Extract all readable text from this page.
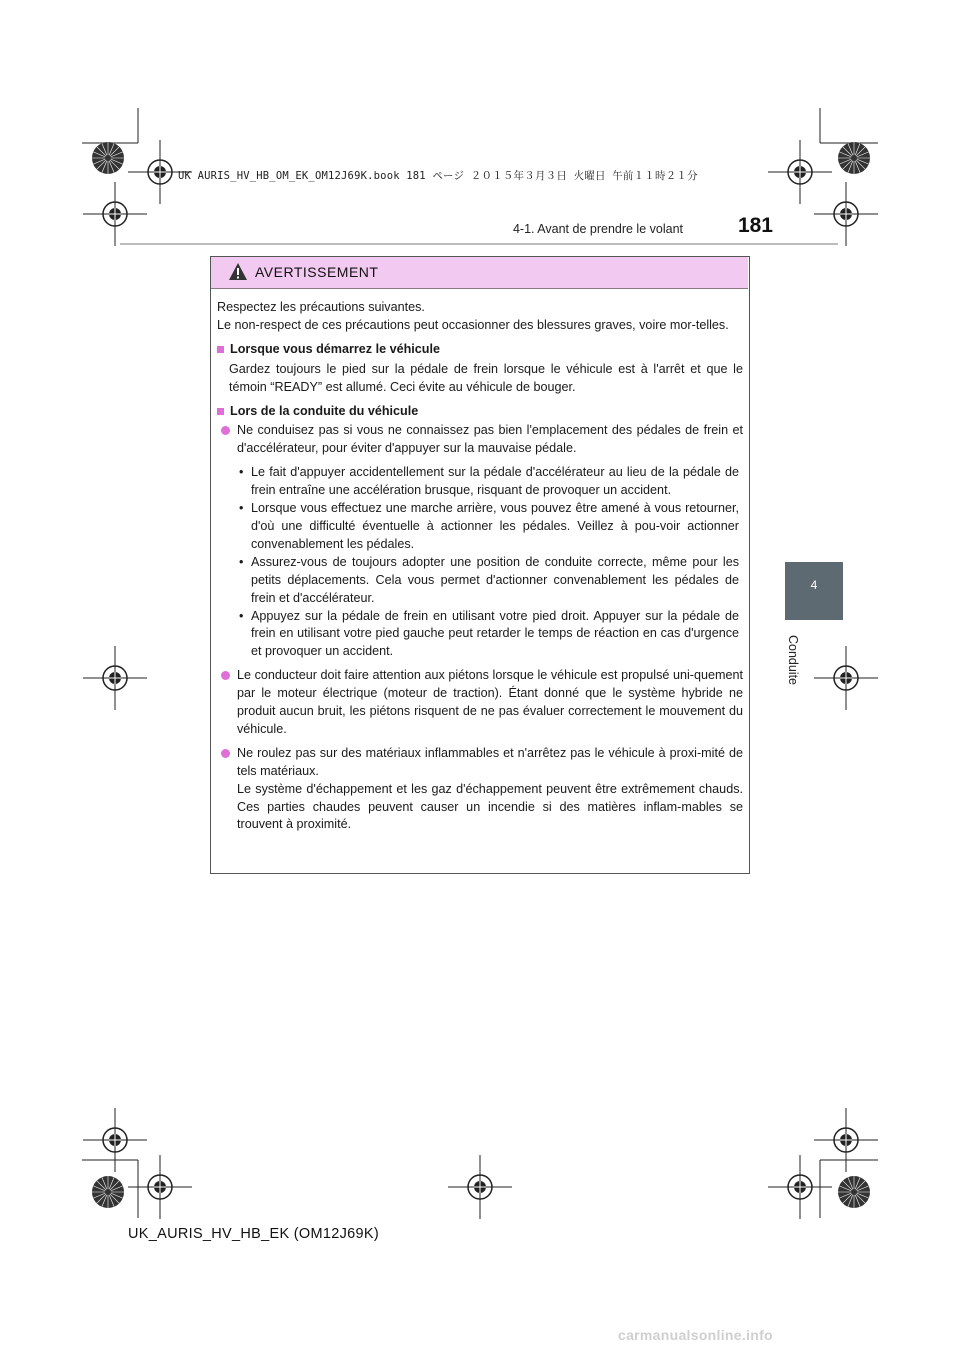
UK AURIS_HV_HB_OM_EK_OM12J69K.book 181 ページ ２０１５年３月３日 火曜日 午前１１時２１分
4-1. Avant de prendre le volant	181
4
Conduite
AVERTISSEMENT

Respectez les précautions suivantes.

Le non-respect de ces précautions peut occasionner des blessures graves, voire mor-telles.

Lorsque vous démarrez le véhicule

Gardez toujours le pied sur la pédale de frein lorsque le véhicule est à l'arrêt et que le témoin “READY” est allumé. Ceci évite au véhicule de bouger.

Lors de la conduite du véhicule
Ne conduisez pas si vous ne connaissez pas bien l'emplacement des pédales de frein et d'accélérateur, pour éviter d'appuyer sur la mauvaise pédale.
• Le fait d'appuyer accidentellement sur la pédale d'accélérateur au lieu de la pédale de frein entraîne une accélération brusque, risquant de provoquer un accident.
• Lorsque vous effectuez une marche arrière, vous pouvez être amené à vous retourner, d'où une difficulté éventuelle à actionner les pédales. Veillez à pou-voir actionner convenablement les pédales.
• Assurez-vous de toujours adopter une position de conduite correcte, même pour les petits déplacements. Cela vous permet d'actionner convenablement les pédales de frein et d'accélérateur.
• Appuyez sur la pédale de frein en utilisant votre pied droit. Appuyer sur la pédale de frein en utilisant votre pied gauche peut retarder le temps de réaction en cas d'urgence et provoquer un accident.
Le conducteur doit faire attention aux piétons lorsque le véhicule est propulsé uni-quement par le moteur électrique (moteur de traction). Étant donné que le système hybride ne produit aucun bruit, les piétons risquent de ne pas évaluer correctement le mouvement du véhicule.
Ne roulez pas sur des matériaux inflammables et n'arrêtez pas le véhicule à proxi-mité de tels matériaux.
Le système d'échappement et les gaz d'échappement peuvent être extrêmement chauds. Ces parties chaudes peuvent causer un incendie si des matières inflam-mables se trouvent à proximité.
UK_AURIS_HV_HB_EK (OM12J69K)
carmanualsonline.info
